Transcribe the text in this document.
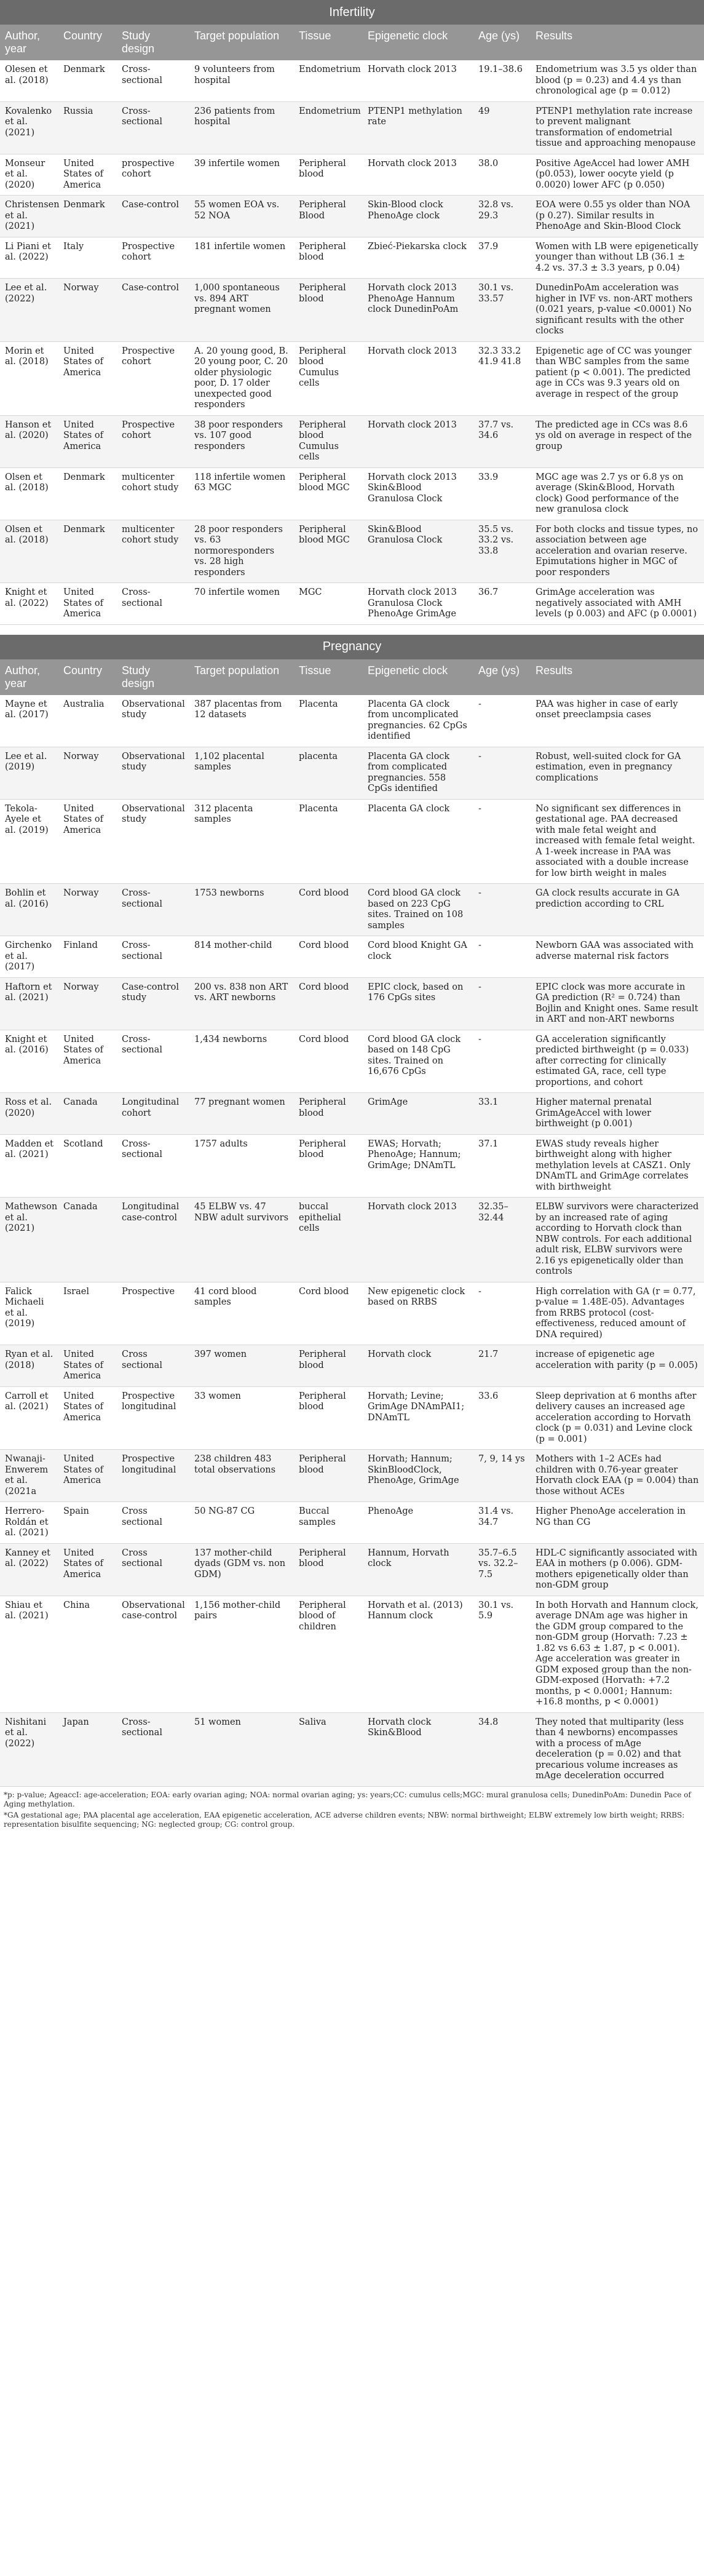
Infertility							
Author, year	Country	Study design	Target population	Tissue	Epigenetic clock	Age (ys)	Results
Olesen et al. (2018)	Denmark	Cross-sectional	9 volunteers from hospital	Endometrium	Horvath clock 2013	19.1–38.6	Endometrium was 3.5 ys older than blood (p = 0.23) and 4.4 ys than chronological age (p = 0.012)
Kovalenko et al. (2021)	Russia	Cross-sectional	236 patients from hospital	Endometrium	PTENP1 methylation rate	49	PTENP1 methylation rate increase to prevent malignant transformation of endometrial tissue and approaching menopause
Monseur et al. (2020)	United States of America	prospective cohort	39 infertile women	Peripheral blood	Horvath clock 2013	38.0	Positive AgeAccel had lower AMH (p0.053), lower oocyte yield (p 0.0020) lower AFC (p 0.050)
Christensen et al. (2021)	Denmark	Case-control	55 women EOA vs. 52 NOA	Peripheral Blood	Skin-Blood clock PhenoAge clock	32.8 vs. 29.3	EOA were 0.55 ys older than NOA (p 0.27). Similar results in PhenoAge and Skin-Blood Clock
Li Piani et al. (2022)	Italy	Prospective cohort	181 infertile women	Peripheral blood	Zbieć-Piekarska clock	37.9	Women with LB were epigenetically younger than without LB (36.1 ± 4.2 vs. 37.3 ± 3.3 years, p 0.04)
Lee et al. (2022)	Norway	Case-control	1,000 spontaneous vs. 894 ART pregnant women	Peripheral blood	Horvath clock 2013 PhenoAge Hannum clock DunedinPoAm	30.1 vs. 33.57	DunedinPoAm acceleration was higher in IVF vs. non-ART mothers (0.021 years, p-value <0.0001) No significant results with the other clocks
Morin et al. (2018)	United States of America	Prospective cohort	A. 20 young good, B. 20 young poor, C. 20 older physiologic poor, D. 17 older unexpected good responders	Peripheral blood Cumulus cells	Horvath clock 2013	32.3 33.2 41.9 41.8	Epigenetic age of CC was younger than WBC samples from the same patient (p < 0.001). The predicted age in CCs was 9.3 years old on average in respect of the group
Hanson et al. (2020)	United States of America	Prospective cohort	38 poor responders vs. 107 good responders	Peripheral blood Cumulus cells	Horvath clock 2013	37.7 vs. 34.6	The predicted age in CCs was 8.6 ys old on average in respect of the group
Olsen et al. (2018)	Denmark	multicenter cohort study	118 infertile women 63 MGC	Peripheral blood MGC	Horvath clock 2013 Skin&Blood Granulosa Clock	33.9	MGC age was 2.7 ys or 6.8 ys on average (Skin&Blood, Horvath clock) Good performance of the new granulosa clock
Olsen et al. (2018)	Denmark	multicenter cohort study	28 poor responders vs. 63 normoresponders vs. 28 high responders	Peripheral blood MGC	Skin&Blood Granulosa Clock	35.5 vs. 33.2 vs. 33.8	For both clocks and tissue types, no association between age acceleration and ovarian reserve. Epimutations higher in MGC of poor responders
Knight et al. (2022)	United States of America	Cross-sectional	70 infertile women	MGC	Horvath clock 2013 Granulosa Clock PhenoAge GrimAge	36.7	GrimAge acceleration was negatively associated with AMH levels (p 0.003) and AFC (p 0.0001)
Pregnancy							
Author, year	Country	Study design	Target population	Tissue	Epigenetic clock	Age (ys)	Results
Mayne et al. (2017)	Australia	Observational study	387 placentas from 12 datasets	Placenta	Placenta GA clock from uncomplicated pregnancies. 62 CpGs identified	-	PAA was higher in case of early onset preeclampsia cases
Lee et al. (2019)	Norway	Observational study	1,102 placental samples	placenta	Placenta GA clock from complicated pregnancies. 558 CpGs identified	-	Robust, well-suited clock for GA estimation, even in pregnancy complications
Tekola-Ayele et al. (2019)	United States of America	Observational study	312 placenta samples	Placenta	Placenta GA clock	-	No significant sex differences in gestational age. PAA decreased with male fetal weight and increased with female fetal weight. A 1-week increase in PAA was associated with a double increase for low birth weight in males
Bohlin et al. (2016)	Norway	Cross-sectional	1753 newborns	Cord blood	Cord blood GA clock based on 223 CpG sites. Trained on 108 samples	-	GA clock results accurate in GA prediction according to CRL
Girchenko et al. (2017)	Finland	Cross-sectional	814 mother-child	Cord blood	Cord blood Knight GA clock	-	Newborn GAA was associated with adverse maternal risk factors
Haftorn et al. (2021)	Norway	Case-control study	200 vs. 838 non ART vs. ART newborns	Cord blood	EPIC clock, based on 176 CpGs sites	-	EPIC clock was more accurate in GA prediction (R² = 0.724) than Bojlin and Knight ones. Same result in ART and non-ART newborns
Knight et al. (2016)	United States of America	Cross-sectional	1,434 newborns	Cord blood	Cord blood GA clock based on 148 CpG sites. Trained on 16,676 CpGs	-	GA acceleration significantly predicted birthweight (p = 0.033) after correcting for clinically estimated GA, race, cell type proportions, and cohort
Ross et al. (2020)	Canada	Longitudinal cohort	77 pregnant women	Peripheral blood	GrimAge	33.1	Higher maternal prenatal GrimAgeAccel with lower birthweight (p 0.001)
Madden et al. (2021)	Scotland	Cross-sectional	1757 adults	Peripheral blood	EWAS; Horvath; PhenoAge; Hannum; GrimAge; DNAmTL	37.1	EWAS study reveals higher birthweight along with higher methylation levels at CASZ1. Only DNAmTL and GrimAge correlates with birthweight
Mathewson et al. (2021)	Canada	Longitudinal case-control	45 ELBW vs. 47 NBW adult survivors	buccal epithelial cells	Horvath clock 2013	32.35–32.44	ELBW survivors were characterized by an increased rate of aging according to Horvath clock than NBW controls. For each additional adult risk, ELBW survivors were 2.16 ys epigenetically older than controls
Falick Michaeli et al. (2019)	Israel	Prospective	41 cord blood samples	Cord blood	New epigenetic clock based on RRBS	-	High correlation with GA (r = 0.77, p-value = 1.48E-05). Advantages from RRBS protocol (cost-effectiveness, reduced amount of DNA required)
Ryan et al. (2018)	United States of America	Cross sectional	397 women	Peripheral blood	Horvath clock	21.7	increase of epigenetic age acceleration with parity (p = 0.005)
Carroll et al. (2021)	United States of America	Prospective longitudinal	33 women	Peripheral blood	Horvath; Levine; GrimAge DNAmPAI1; DNAmTL	33.6	Sleep deprivation at 6 months after delivery causes an increased age acceleration according to Horvath clock (p = 0.031) and Levine clock (p = 0.001)
Nwanaji-Enwerem et al. (2021a	United States of America	Prospective longitudinal	238 children 483 total observations	Peripheral blood	Horvath; Hannum; SkinBloodClock, PhenoAge, GrimAge	7, 9, 14 ys	Mothers with 1–2 ACEs had children with 0.76-year greater Horvath clock EAA (p = 0.004) than those without ACEs
Herrero-Roldán et al. (2021)	Spain	Cross sectional	50 NG-87 CG	Buccal samples	PhenoAge	31.4 vs. 34.7	Higher PhenoAge acceleration in NG than CG
Kanney et al. (2022)	United States of America	Cross sectional	137 mother-child dyads (GDM vs. non GDM)	Peripheral blood	Hannum, Horvath clock	35.7–6.5 vs. 32.2–7.5	HDL-C significantly associated with EAA in mothers (p 0.006). GDM-mothers epigenetically older than non-GDM group
Shiau et al. (2021)	China	Observational case-control	1,156 mother-child pairs	Peripheral blood of children	Horvath et al. (2013) Hannum clock	30.1 vs. 5.9	In both Horvath and Hannum clock, average DNAm age was higher in the GDM group compared to the non-GDM group (Horvath: 7.23 ± 1.82 vs 6.63 ± 1.87, p < 0.001). Age acceleration was greater in GDM exposed group than the non-GDM-exposed (Horvath: +7.2 months, p < 0.0001; Hannum: +16.8 months, p < 0.0001)
Nishitani et al. (2022)	Japan	Cross-sectional	51 women	Saliva	Horvath clock Skin&Blood	34.8	They noted that multiparity (less than 4 newborns) encompasses with a process of mAge deceleration (p = 0.02) and that precarious volume increases as mAge deceleration occurred

*p: p-value; AgeaccI: age-acceleration; EOA: early ovarian aging; NOA: normal ovarian aging; ys: years;CC: cumulus cells;MGC: mural granulosa cells; DunedinPoAm: Dunedin Pace of Aging methylation.

*GA gestational age; PAA placental age acceleration, EAA epigenetic acceleration, ACE adverse children events; NBW: normal birthweight; ELBW extremely low birth weight; RRBS: representation bisulfite sequencing; NG: neglected group; CG: control group.
